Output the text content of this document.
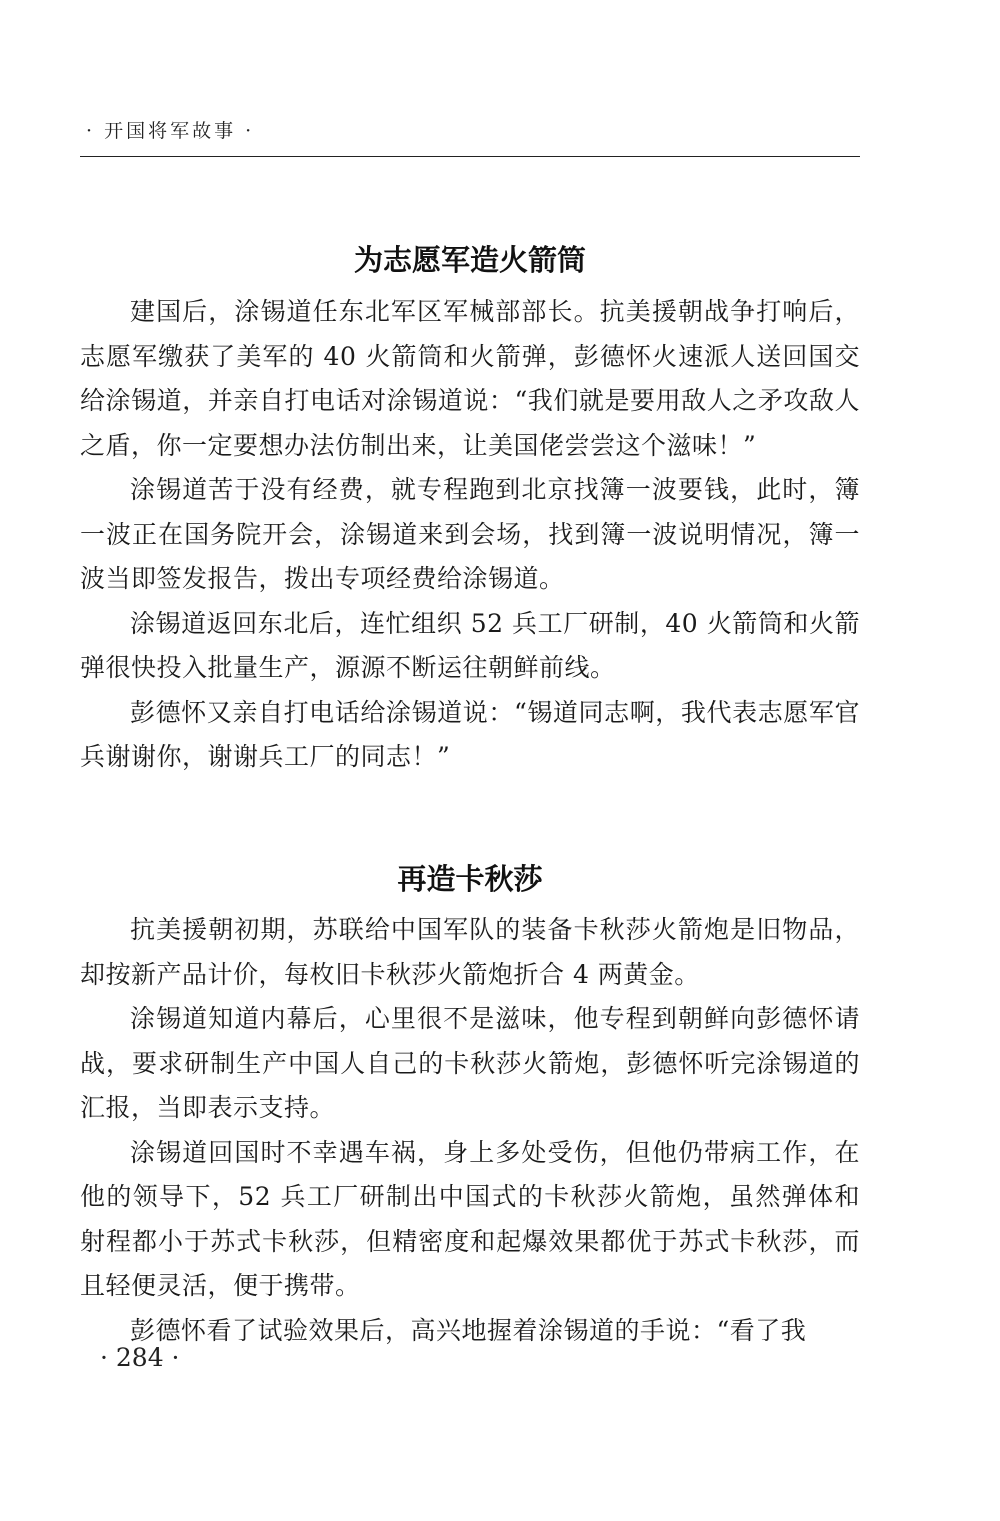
· 开国将军故事 ·
为志愿军造火箭筒

建国后，涂锡道任东北军区军械部部长。抗美援朝战争打响后，志愿军缴获了美军的 40 火箭筒和火箭弹，彭德怀火速派人送回国交给涂锡道，并亲自打电话对涂锡道说：“我们就是要用敌人之矛攻敌人之盾，你一定要想办法仿制出来，让美国佬尝尝这个滋味！”

涂锡道苦于没有经费，就专程跑到北京找簿一波要钱，此时，簿一波正在国务院开会，涂锡道来到会场，找到簿一波说明情况，簿一波当即签发报告，拨出专项经费给涂锡道。

涂锡道返回东北后，连忙组织 52 兵工厂研制，40 火箭筒和火箭弹很快投入批量生产，源源不断运往朝鲜前线。

彭德怀又亲自打电话给涂锡道说：“锡道同志啊，我代表志愿军官兵谢谢你，谢谢兵工厂的同志！”

再造卡秋莎

抗美援朝初期，苏联给中国军队的装备卡秋莎火箭炮是旧物品，却按新产品计价，每枚旧卡秋莎火箭炮折合 4 两黄金。

涂锡道知道内幕后，心里很不是滋味，他专程到朝鲜向彭德怀请战，要求研制生产中国人自己的卡秋莎火箭炮，彭德怀听完涂锡道的汇报，当即表示支持。

涂锡道回国时不幸遇车祸，身上多处受伤，但他仍带病工作，在他的领导下，52 兵工厂研制出中国式的卡秋莎火箭炮，虽然弹体和射程都小于苏式卡秋莎，但精密度和起爆效果都优于苏式卡秋莎，而且轻便灵活，便于携带。

彭德怀看了试验效果后，高兴地握着涂锡道的手说：“看了我

· 284 ·
